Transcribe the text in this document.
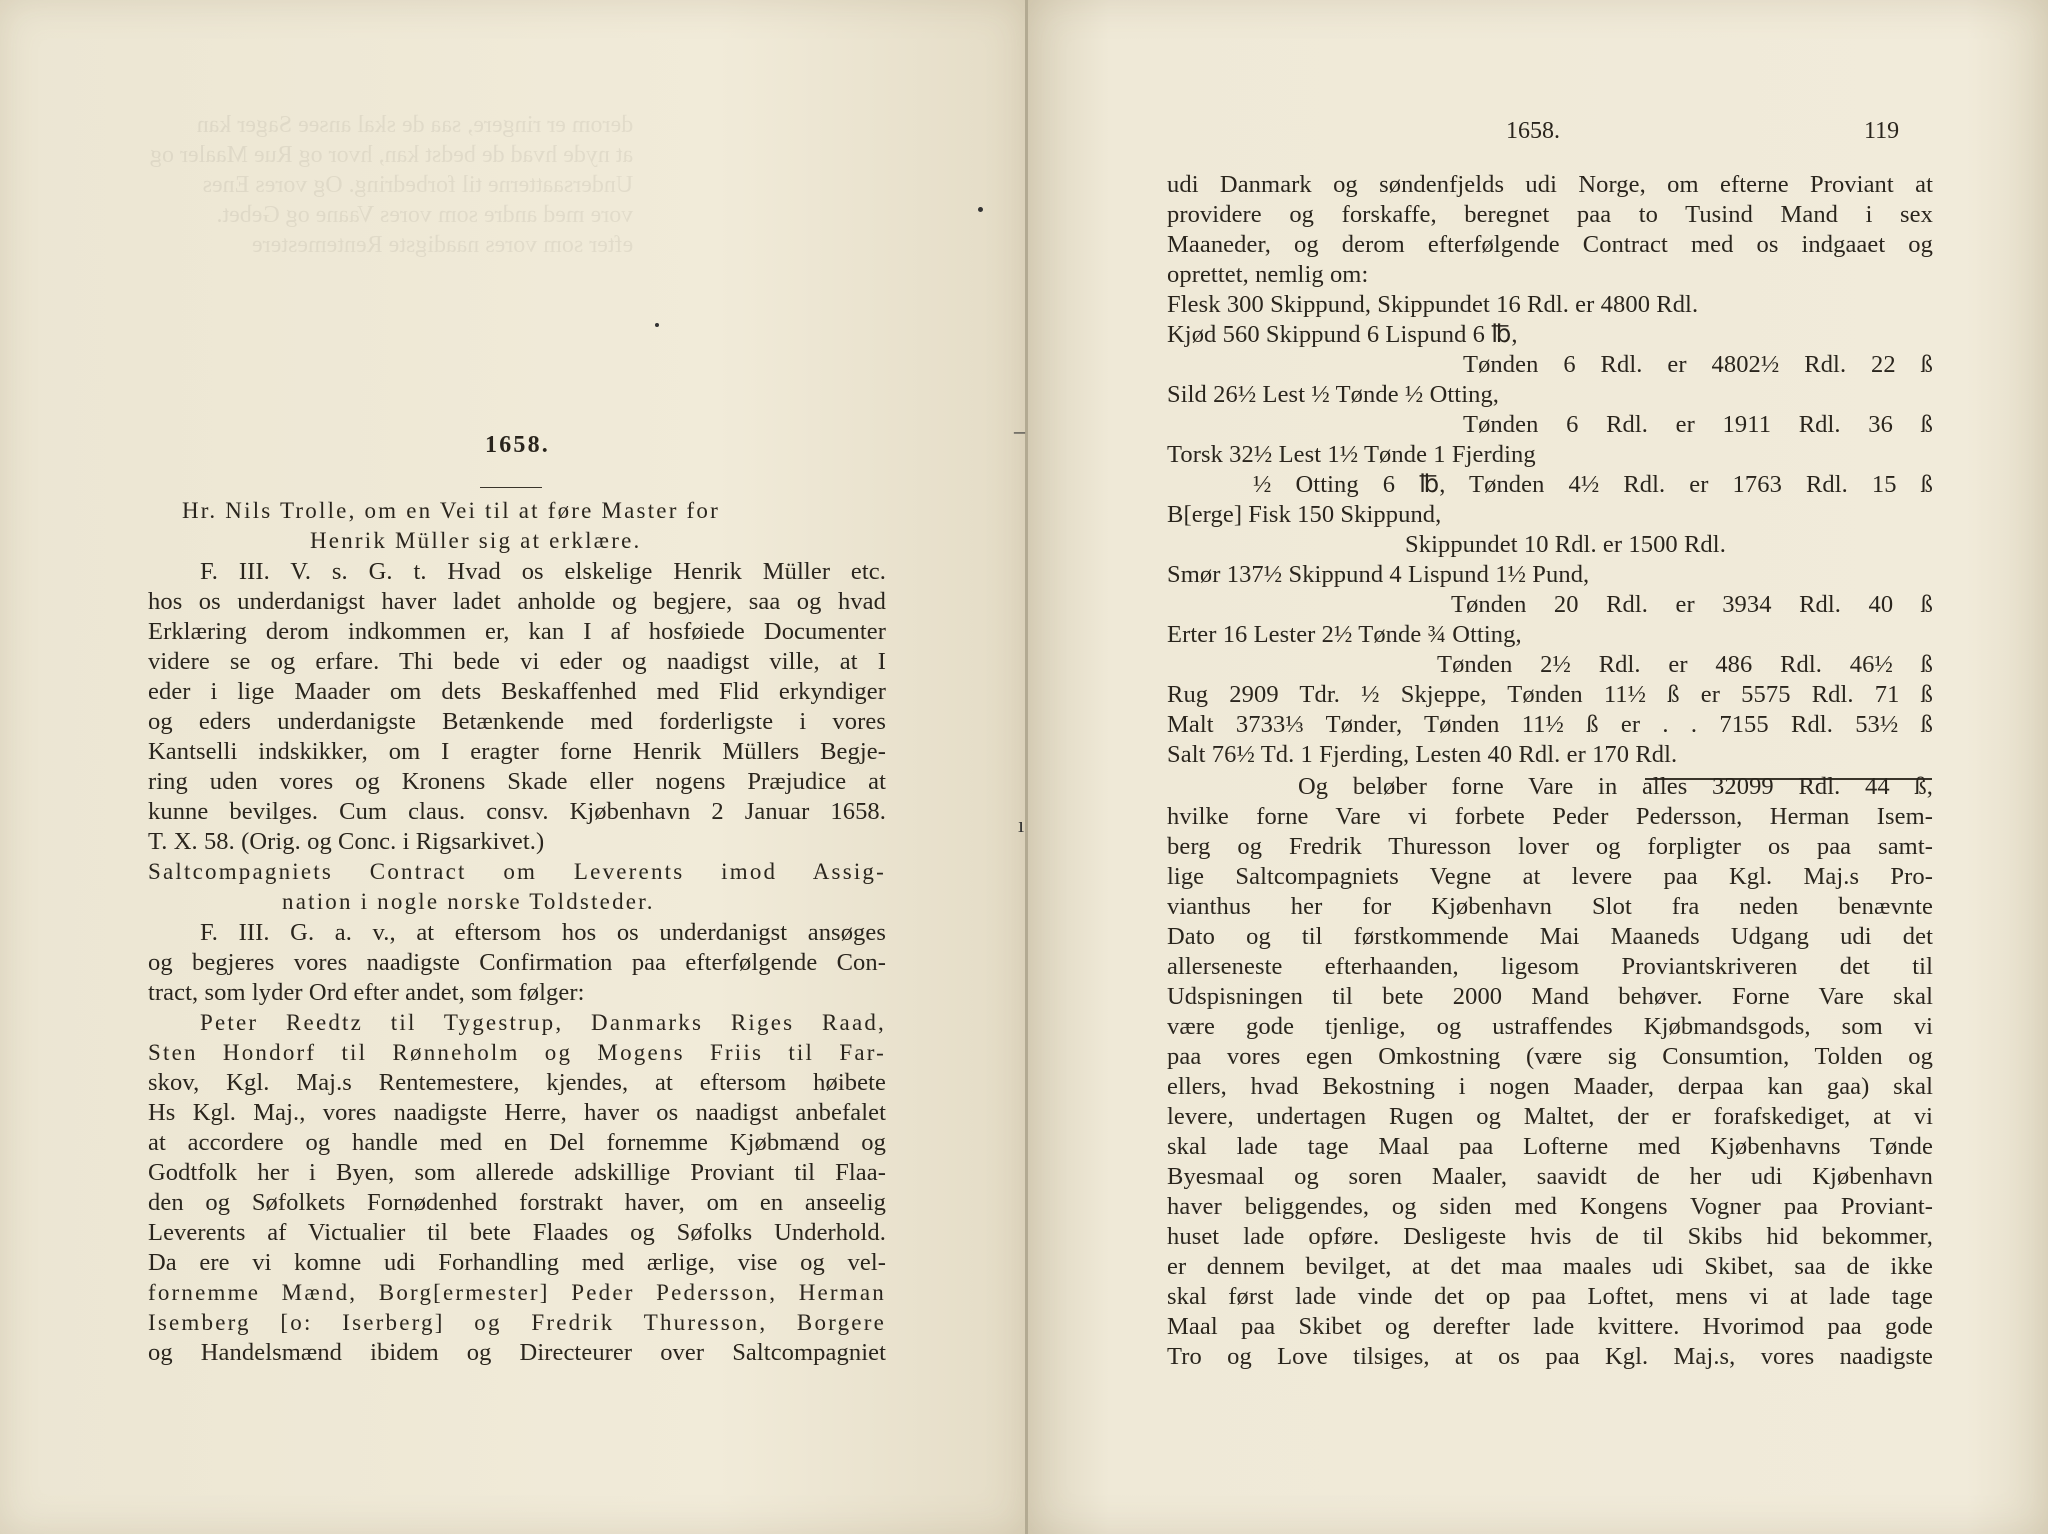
derom er ringere, saa de skal ansee Sager kan
at nyde hvad de bedst kan, hvor og Rue Maaler og
Undersaatterne til forbedring. Og vores Enes
vore med andre som vores Vaane og Gebet.
efter som vores naadigste Rentemestere
1658.
Hr. Nils Trolle, om en Vei til at føre Master for
Henrik Müller sig at erklære.
F. III. V. s. G. t. Hvad os elskelige Henrik Müller etc.
hos os underdanigst haver ladet anholde og begjere, saa og hvad
Erklæring derom indkommen er, kan I af hosføiede Documenter
videre se og erfare. Thi bede vi eder og naadigst ville, at I
eder i lige Maader om dets Beskaffenhed med Flid erkyndiger
og eders underdanigste Betænkende med forderligste i vores
Kantselli indskikker, om I eragter forne Henrik Müllers Begje-
ring uden vores og Kronens Skade eller nogens Præjudice at
kunne bevilges. Cum claus. consv. Kjøbenhavn 2 Januar 1658.
T. X. 58. (Orig. og Conc. i Rigsarkivet.)
Saltcompagniets Contract om Leverents imod Assig-
nation i nogle norske Toldsteder.
F. III. G. a. v., at eftersom hos os underdanigst ansøges
og begjeres vores naadigste Confirmation paa efterfølgende Con-
tract, som lyder Ord efter andet, som følger:
Peter Reedtz til Tygestrup, Danmarks Riges Raad,
Sten Hondorf til Rønneholm og Mogens Friis til Far-
skov, Kgl. Maj.s Rentemestere, kjendes, at eftersom høibete
Hs Kgl. Maj., vores naadigste Herre, haver os naadigst anbefalet
at accordere og handle med en Del fornemme Kjøbmænd og
Godtfolk her i Byen, som allerede adskillige Proviant til Flaa-
den og Søfolkets Fornødenhed forstrakt haver, om en anseelig
Leverents af Victualier til bete Flaades og Søfolks Underhold.
Da ere vi komne udi Forhandling med ærlige, vise og vel-
fornemme Mænd, Borg[ermester] Peder Pedersson, Herman
Isemberg [o: Iserberg] og Fredrik Thuresson, Borgere
og Handelsmænd ibidem og Directeurer over Saltcompagniet
–
ı
1658.	119
udi Danmark og søndenfjelds udi Norge, om efterne Proviant at
providere og forskaffe, beregnet paa to Tusind Mand i sex
Maaneder, og derom efterfølgende Contract med os indgaaet og
oprettet, nemlig om:
Flesk 300 Skippund, Skippundet 16 Rdl. er 4800 Rdl.
Kjød 560 Skippund 6 Lispund 6 ℔,
Tønden 6 Rdl. er 4802½ Rdl. 22 ß
Sild 26½ Lest ½ Tønde ½ Otting,
Tønden 6 Rdl. er 1911 Rdl. 36 ß
Torsk 32½ Lest 1½ Tønde 1 Fjerding
½ Otting 6 ℔, Tønden 4½ Rdl. er 1763 Rdl. 15 ß
B[erge] Fisk 150 Skippund,
Skippundet 10 Rdl. er 1500 Rdl.
Smør 137½ Skippund 4 Lispund 1½ Pund,
Tønden 20 Rdl. er 3934 Rdl. 40 ß
Erter 16 Lester 2½ Tønde ¾ Otting,
Tønden 2½ Rdl. er 486 Rdl. 46½ ß
Rug 2909 Tdr. ½ Skjeppe, Tønden 11½ ß er 5575 Rdl. 71 ß
Malt 3733⅓ Tønder, Tønden 11½ ß er . . 7155 Rdl. 53½ ß
Salt 76½ Td. 1 Fjerding, Lesten 40 Rdl. er 170 Rdl.
Og beløber forne Vare in alles 32099 Rdl. 44 ß,
hvilke forne Vare vi forbete Peder Pedersson, Herman Isem-
berg og Fredrik Thuresson lover og forpligter os paa samt-
lige Saltcompagniets Vegne at levere paa Kgl. Maj.s Pro-
vianthus her for Kjøbenhavn Slot fra neden benævnte
Dato og til førstkommende Mai Maaneds Udgang udi det
allerseneste efterhaanden, ligesom Proviantskriveren det til
Udspisningen til bete 2000 Mand behøver. Forne Vare skal
være gode tjenlige, og ustraffendes Kjøbmandsgods, som vi
paa vores egen Omkostning (være sig Consumtion, Tolden og
ellers, hvad Bekostning i nogen Maader, derpaa kan gaa) skal
levere, undertagen Rugen og Maltet, der er forafskediget, at vi
skal lade tage Maal paa Lofterne med Kjøbenhavns Tønde
Byesmaal og soren Maaler, saavidt de her udi Kjøbenhavn
haver beliggendes, og siden med Kongens Vogner paa Proviant-
huset lade opføre. Desligeste hvis de til Skibs hid bekommer,
er dennem bevilget, at det maa maales udi Skibet, saa de ikke
skal først lade vinde det op paa Loftet, mens vi at lade tage
Maal paa Skibet og derefter lade kvittere. Hvorimod paa gode
Tro og Love tilsiges, at os paa Kgl. Maj.s, vores naadigste
